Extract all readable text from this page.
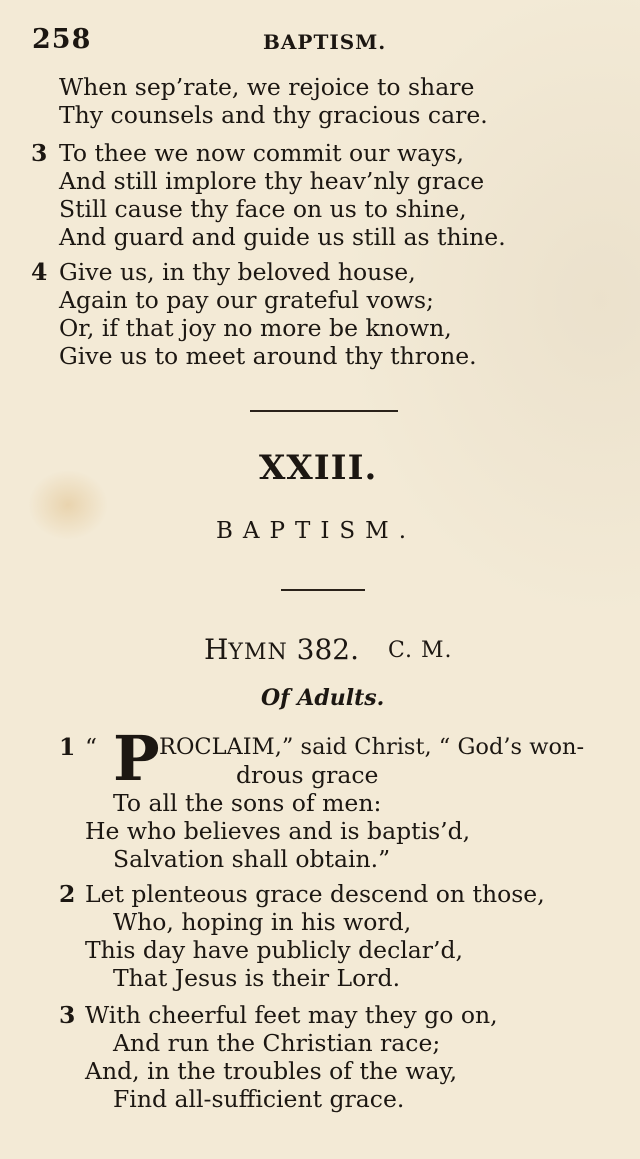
258	BAPTISM.
When sep’rate, we rejoice to share
Thy counsels and thy gracious care.
3 To thee we now commit our ways,
And still implore thy heav’nly grace
Still cause thy face on us to shine,
And guard and guide us still as thine.
4 Give us, in thy beloved house,
Again to pay our grateful vows;
Or, if that joy no more be known,
Give us to meet around thy throne.
XXIII.
BAPTISM.
HYMN 382. C. M.
Of Adults.
1 “ P ROCLAIM,” said Christ, “ God’s won-
drous grace
To all the sons of men:
He who believes and is baptis’d,
Salvation shall obtain.”
2 Let plenteous grace descend on those,
Who, hoping in his word,
This day have publicly declar’d,
That Jesus is their Lord.
3 With cheerful feet may they go on,
And run the Christian race;
And, in the troubles of the way,
Find all-sufficient grace.
